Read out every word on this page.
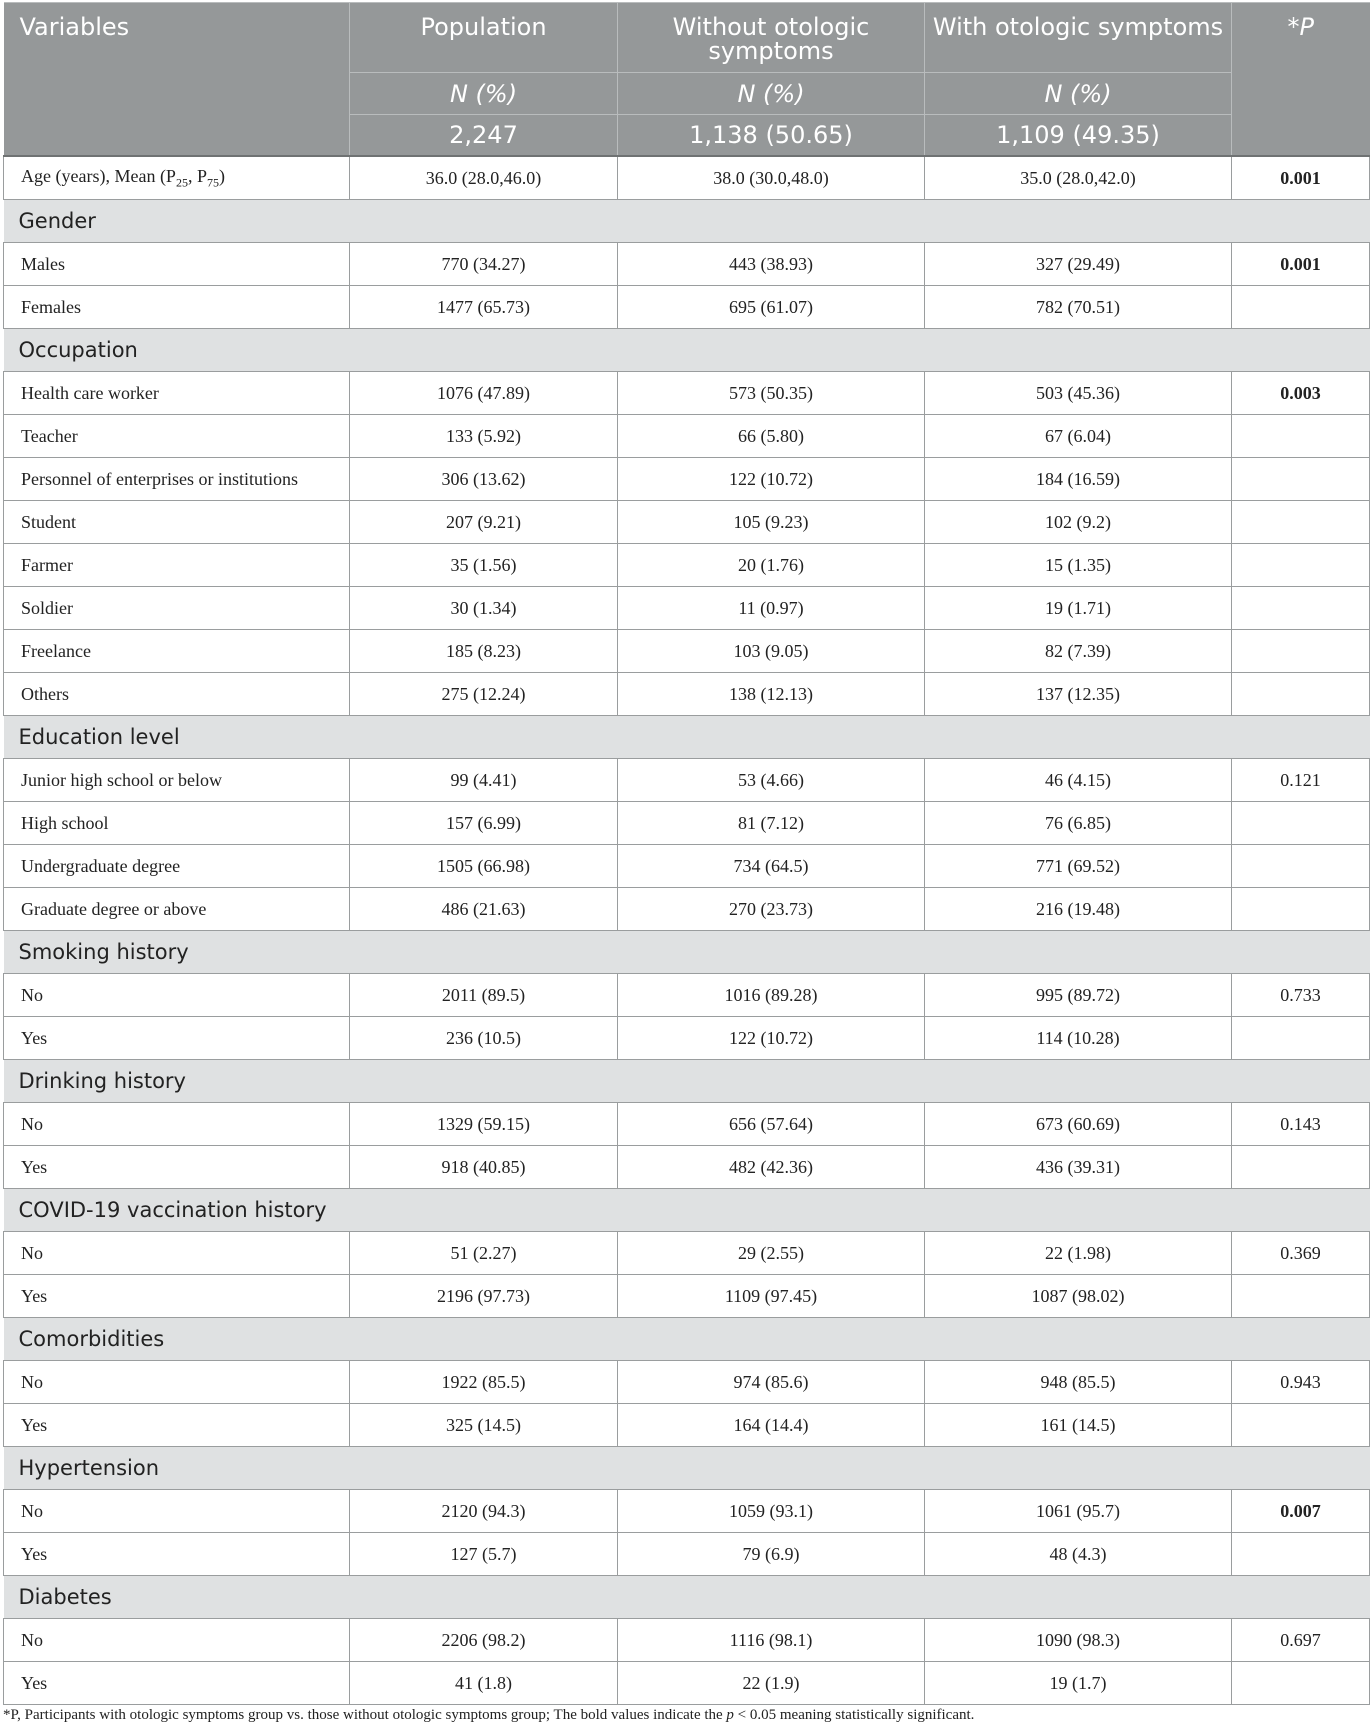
Variables	Population	Without otologic symptoms	With otologic symptoms	*P
	N (%)	N (%)	N (%)	
	2,247	1,138 (50.65)	1,109 (49.35)	
Age (years), Mean ($P_{25}$, $P_{75}$)	36.0 (28.0,46.0)	38.0 (30.0,48.0)	35.0 (28.0,42.0)	0.001
Gender				
Males	770 (34.27)	443 (38.93)	327 (29.49)	0.001
Females	1477 (65.73)	695 (61.07)	782 (70.51)	
Occupation				
Health care worker	1076 (47.89)	573 (50.35)	503 (45.36)	0.003
Teacher	133 (5.92)	66 (5.80)	67 (6.04)	
Personnel of enterprises or institutions	306 (13.62)	122 (10.72)	184 (16.59)	
Student	207 (9.21)	105 (9.23)	102 (9.2)	
Farmer	35 (1.56)	20 (1.76)	15 (1.35)	
Soldier	30 (1.34)	11 (0.97)	19 (1.71)	
Freelance	185 (8.23)	103 (9.05)	82 (7.39)	
Others	275 (12.24)	138 (12.13)	137 (12.35)	
Education level				
Junior high school or below	99 (4.41)	53 (4.66)	46 (4.15)	0.121
High school	157 (6.99)	81 (7.12)	76 (6.85)	
Undergraduate degree	1505 (66.98)	734 (64.5)	771 (69.52)	
Graduate degree or above	486 (21.63)	270 (23.73)	216 (19.48)	
Smoking history				
No	2011 (89.5)	1016 (89.28)	995 (89.72)	0.733
Yes	236 (10.5)	122 (10.72)	114 (10.28)	
Drinking history				
No	1329 (59.15)	656 (57.64)	673 (60.69)	0.143
Yes	918 (40.85)	482 (42.36)	436 (39.31)	
COVID-19 vaccination history				
No	51 (2.27)	29 (2.55)	22 (1.98)	0.369
Yes	2196 (97.73)	1109 (97.45)	1087 (98.02)	
Comorbidities				
No	1922 (85.5)	974 (85.6)	948 (85.5)	0.943
Yes	325 (14.5)	164 (14.4)	161 (14.5)	
Hypertension				
No	2120 (94.3)	1059 (93.1)	1061 (95.7)	0.007
Yes	127 (5.7)	79 (6.9)	48 (4.3)	
Diabetes				
No	2206 (98.2)	1116 (98.1)	1090 (98.3)	0.697
Yes	41 (1.8)	22 (1.9)	19 (1.7)	
*P, Participants with otologic symptoms group vs. those without otologic symptoms group; The bold values indicate the p < 0.05 meaning statistically significant.
